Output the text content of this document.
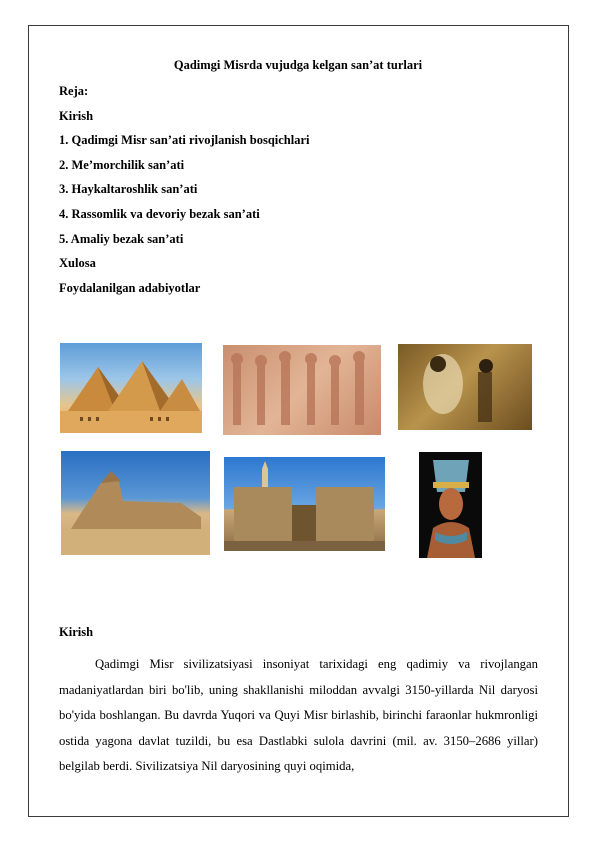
Qadimgi Misrda vujudga kelgan san’at turlari
Reja:
Kirish
1. Qadimgi Misr san’ati rivojlanish bosqichlari
2. Me’morchilik san’ati
3. Haykaltaroshlik san’ati
4. Rassomlik va devoriy bezak san’ati
5. Amaliy bezak san’ati
Xulosa
Foydalanilgan adabiyotlar
Kirish

Qadimgi Misr sivilizatsiyasi insoniyat tarixidagi eng qadimiy va rivojlangan madaniyatlardan biri bo'lib, uning shakllanishi miloddan avvalgi 3150-yillarda Nil daryosi bo'yida boshlangan. Bu davrda Yuqori va Quyi Misr birlashib, birinchi faraonlar hukmronligi ostida yagona davlat tuzildi, bu esa Dastlabki sulola davrini (mil. av. 3150–2686 yillar) belgilab berdi. Sivilizatsiya Nil daryosining quyi oqimida,
